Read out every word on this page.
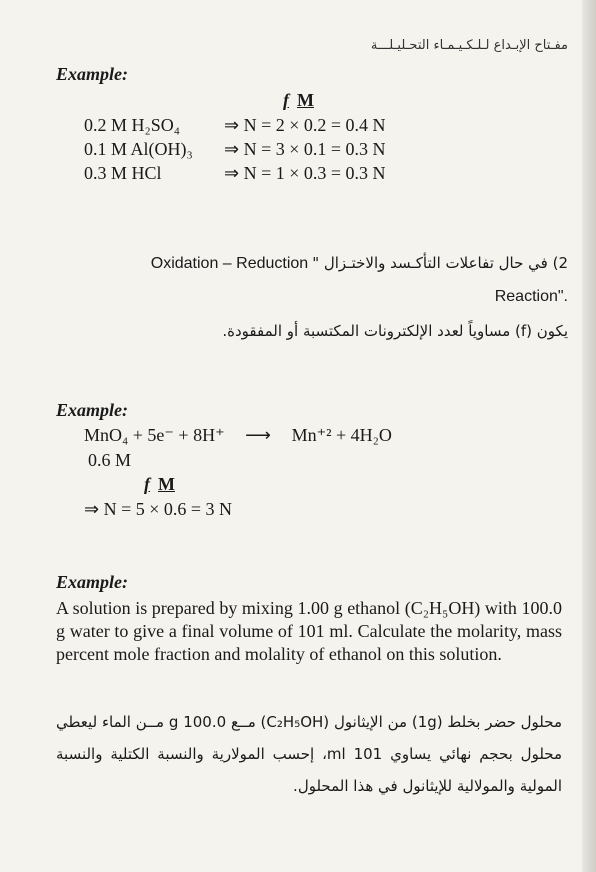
مفـتاح الإبـداع لـلـكـيـمـاء التحـليـلـــة
Example:
f M
0.2 M H₂SO₄ ⇒ N = 2 × 0.2 = 0.4 N
0.1 M Al(OH)₃ ⇒ N = 3 × 0.1 = 0.3 N
0.3 M HCl	⇒ N = 1 × 0.3 = 0.3 N
2) في حال تفاعلات التأكـسد والاختـزال " Oxidation – Reduction
."Reaction
يكون (f) مساوياً لعدد الإلكترونات المكتسبة أو المفقودة.
Example:
MnO₄ + 5e⁻ + 8H⁺ ⟶ Mn⁺² + 4H₂O
0.6 M
f M
⇒ N = 5 × 0.6 = 3 N
Example:
A solution is prepared by mixing 1.00 g ethanol (C₂H₅OH) with 100.0 g water to give a final volume of 101 ml. Calculate the molarity, mass percent mole fraction and molality of ethanol on this solution.
محلول حضر بخلط (1g) من الإيثانول (C₂H₅OH) مــع 100.0 g مــن الماء ليعطي محلول بحجم نهائي يساوي 101 ml، إحسب المولارية والنسبة الكتلية والنسبة المولية والمولالية للإيثانول في هذا المحلول.
